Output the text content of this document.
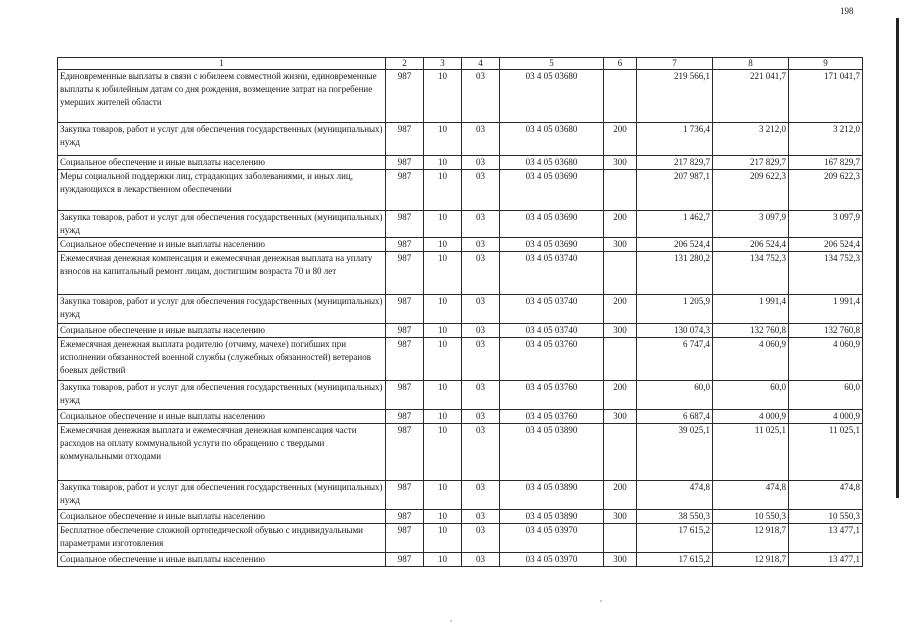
198
1	2	3	4	5	6	7	8	9
Единовременные выплаты в связи с юбилеем совместной жизни, единовременные выплаты к юбилейным датам со дня рождения, возмещение затрат на погребение умерших жителей области	987	10	03	03 4 05 03680		219 566,1	221 041,7	171 041,7
Закупка товаров, работ и услуг для обеспечения государственных (муниципальных) нужд	987	10	03	03 4 05 03680	200	1 736,4	3 212,0	3 212,0
Социальное обеспечение и иные выплаты населению	987	10	03	03 4 05 03680	300	217 829,7	217 829,7	167 829,7
Меры социальной поддержки лиц, страдающих заболеваниями, и иных лиц, нуждающихся в лекарственном обеспечении	987	10	03	03 4 05 03690		207 987,1	209 622,3	209 622,3
Закупка товаров, работ и услуг для обеспечения государственных (муниципальных) нужд	987	10	03	03 4 05 03690	200	1 462,7	3 097,9	3 097,9
Социальное обеспечение и иные выплаты населению	987	10	03	03 4 05 03690	300	206 524,4	206 524,4	206 524,4
Ежемесячная денежная компенсация и ежемесячная денежная выплата на уплату взносов на капитальный ремонт лицам, достигшим возраста 70 и 80 лет	987	10	03	03 4 05 03740		131 280,2	134 752,3	134 752,3
Закупка товаров, работ и услуг для обеспечения государственных (муниципальных) нужд	987	10	03	03 4 05 03740	200	1 205,9	1 991,4	1 991,4
Социальное обеспечение и иные выплаты населению	987	10	03	03 4 05 03740	300	130 074,3	132 760,8	132 760,8
Ежемесячная денежная выплата родителю (отчиму, мачехе) погибших при исполнении обязанностей военной службы (служебных обязанностей) ветеранов боевых действий	987	10	03	03 4 05 03760		6 747,4	4 060,9	4 060,9
Закупка товаров, работ и услуг для обеспечения государственных (муниципальных) нужд	987	10	03	03 4 05 03760	200	60,0	60,0	60,0
Социальное обеспечение и иные выплаты населению	987	10	03	03 4 05 03760	300	6 687,4	4 000,9	4 000,9
Ежемесячная денежная выплата и ежемесячная денежная компенсация части расходов на оплату коммунальной услуги по обращению с твердыми коммунальными отходами	987	10	03	03 4 05 03890		39 025,1	11 025,1	11 025,1
Закупка товаров, работ и услуг для обеспечения государственных (муниципальных) нужд	987	10	03	03 4 05 03890	200	474,8	474,8	474,8
Социальное обеспечение и иные выплаты населению	987	10	03	03 4 05 03890	300	38 550,3	10 550,3	10 550,3
Бесплатное обеспечение сложной ортопедической обувью с индивидуальными параметрами изготовления	987	10	03	03 4 05 03970		17 615,2	12 918,7	13 477,1
Социальное обеспечение и иные выплаты населению	987	10	03	03 4 05 03970	300	17 615,2	12 918,7	13 477,1
